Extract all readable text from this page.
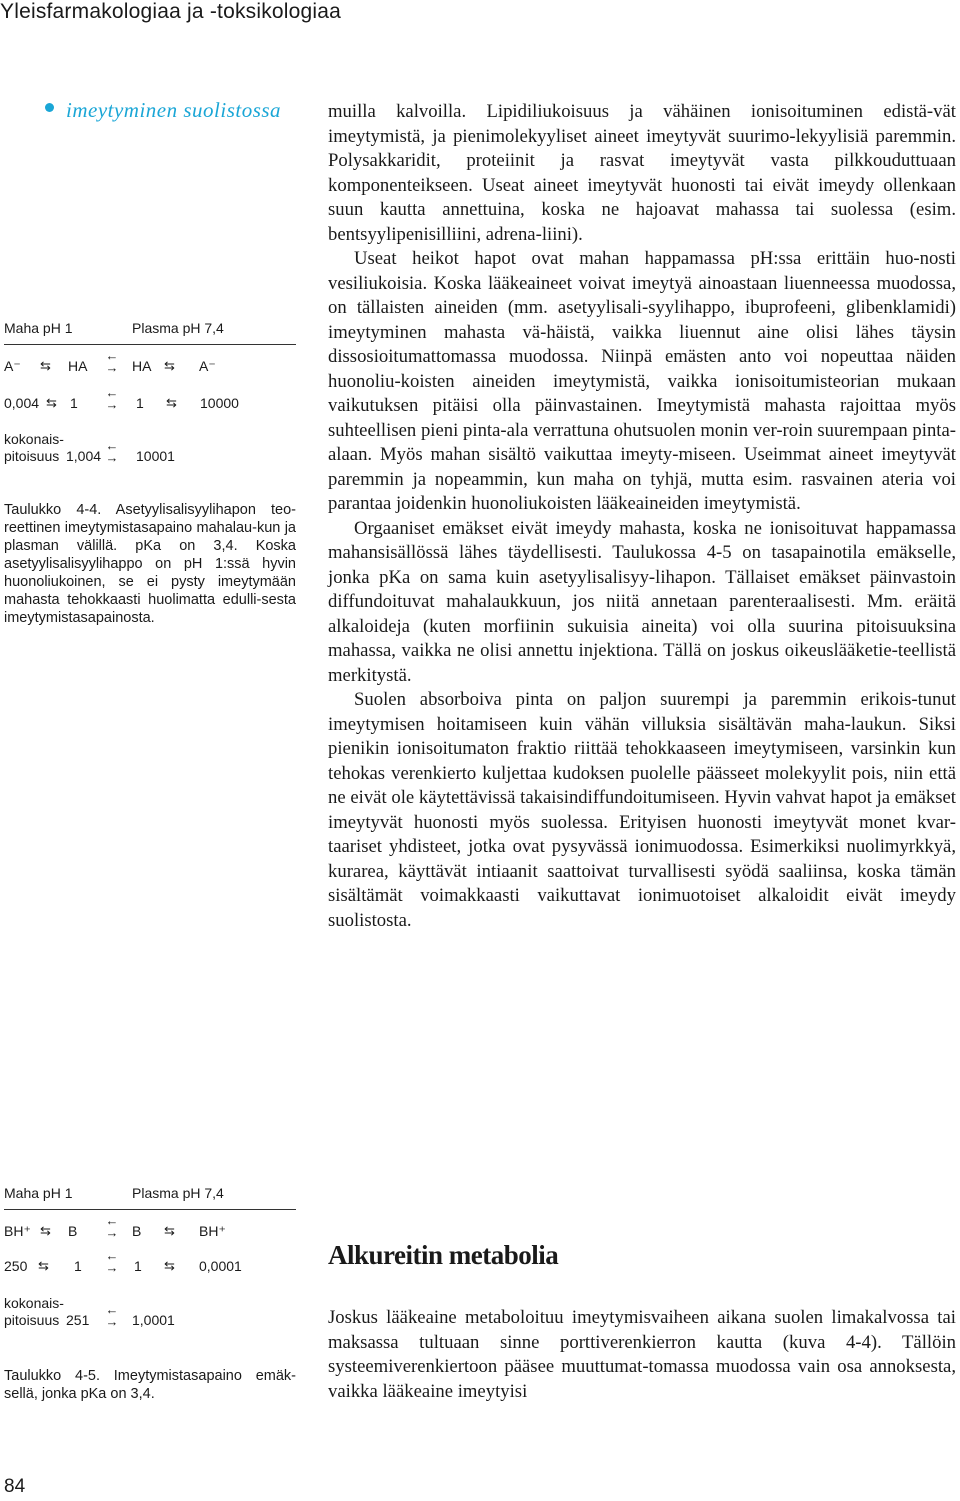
Yleisfarmakologiaa ja -toksikologiaa
imeytyminen suolistossa
Maha pH 1	Plasma pH 7,4
A⁻ ⇆ HA
←
→ HA ⇆ A⁻
0,004 ⇆ 1
←
→ 1 ⇆ 10000
kokonais-
pitoisuus 1,004
←
→ 10001
Taulukko 4-4. Asetyylisalisyylihapon teo-reettinen imeytymistasapaino mahalau-kun ja plasman välillä. pKa on 3,4. Koska asetyylisalisyylihappo on pH 1:ssä hyvin huonoliukoinen, se ei pysty imeytymään mahasta tehokkaasti huolimatta edulli-sesta imeytymistasapainosta.
Maha pH 1	Plasma pH 7,4
BH⁺ ⇆ B
←
→ B ⇆ BH⁺
250 ⇆ 1
←
→ 1 ⇆ 0,0001
kokonais-
pitoisuus 251
←
→ 1,0001
Taulukko 4-5. Imeytymistasapaino emäk-sellä, jonka pKa on 3,4.

muilla kalvoilla. Lipidiliukoisuus ja vähäinen ionisoituminen edistä-vät imeytymistä, ja pienimolekyyliset aineet imeytyvät suurimo-lekyylisiä paremmin. Polysakkaridit, proteiinit ja rasvat imeytyvät vasta pilkkouduttuaan komponenteikseen. Useat aineet imeytyvät huonosti tai eivät imeydy ollenkaan suun kautta annettuina, koska ne hajoavat mahassa tai suolessa (esim. bentsyylipenisilliini, adrena-liini).

Useat heikot hapot ovat mahan happamassa pH:ssa erittäin huo-nosti vesiliukoisia. Koska lääkeaineet voivat imeytyä ainoastaan liuenneessa muodossa, on tällaisten aineiden (mm. asetyylisali-syylihappo, ibuprofeeni, glibenklamidi) imeytyminen mahasta vä-häistä, vaikka liuennut aine olisi lähes täysin dissosioitumattomassa muodossa. Niinpä emästen anto voi nopeuttaa näiden huonoliu-koisten aineiden imeytymistä, vaikka ionisoitumisteorian mukaan vaikutuksen pitäisi olla päinvastainen. Imeytymistä mahasta rajoittaa myös suhteellisen pieni pinta-ala verrattuna ohutsuolen monin ver-roin suurempaan pinta-alaan. Myös mahan sisältö vaikuttaa imeyty-miseen. Useimmat aineet imeytyvät paremmin ja nopeammin, kun maha on tyhjä, mutta esim. rasvainen ateria voi parantaa joidenkin huonoliukoisten lääkeaineiden imeytymistä.

Orgaaniset emäkset eivät imeydy mahasta, koska ne ionisoituvat happamassa mahansisällössä lähes täydellisesti. Taulukossa 4-5 on tasapainotila emäkselle, jonka pKa on sama kuin asetyylisalisyy-lihapon. Tällaiset emäkset päinvastoin diffundoituvat mahalaukkuun, jos niitä annetaan parenteraalisesti. Mm. eräitä alkaloideja (kuten morfiinin sukuisia aineita) voi olla suurina pitoisuuksina mahassa, vaikka ne olisi annettu injektiona. Tällä on joskus oikeuslääketie-teellistä merkitystä.

Suolen absorboiva pinta on paljon suurempi ja paremmin erikois-tunut imeytymisen hoitamiseen kuin vähän villuksia sisältävän maha-laukun. Siksi pienikin ionisoitumaton fraktio riittää tehokkaaseen imeytymiseen, varsinkin kun tehokas verenkierto kuljettaa kudoksen puolelle päässeet molekyylit pois, niin että ne eivät ole käytettävissä takaisindiffundoitumiseen. Hyvin vahvat hapot ja emäkset imeytyvät huonosti myös suolessa. Erityisen huonosti imeytyvät monet kvar-taariset yhdisteet, jotka ovat pysyvässä ionimuodossa. Esimerkiksi nuolimyrkkyä, kurarea, käyttävät intiaanit saattoivat turvallisesti syödä saaliinsa, koska tämän sisältämät voimakkaasti vaikuttavat ionimuotoiset alkaloidit eivät imeydy suolistosta.

Alkureitin metabolia

Joskus lääkeaine metaboloituu imeytymisvaiheen aikana suolen limakalvossa tai maksassa tultuaan sinne porttiverenkierron kautta (kuva 4-4). Tällöin systeemiverenkiertoon pääsee muuttumat-tomassa muodossa vain osa annoksesta, vaikka lääkeaine imeytyisi

84
